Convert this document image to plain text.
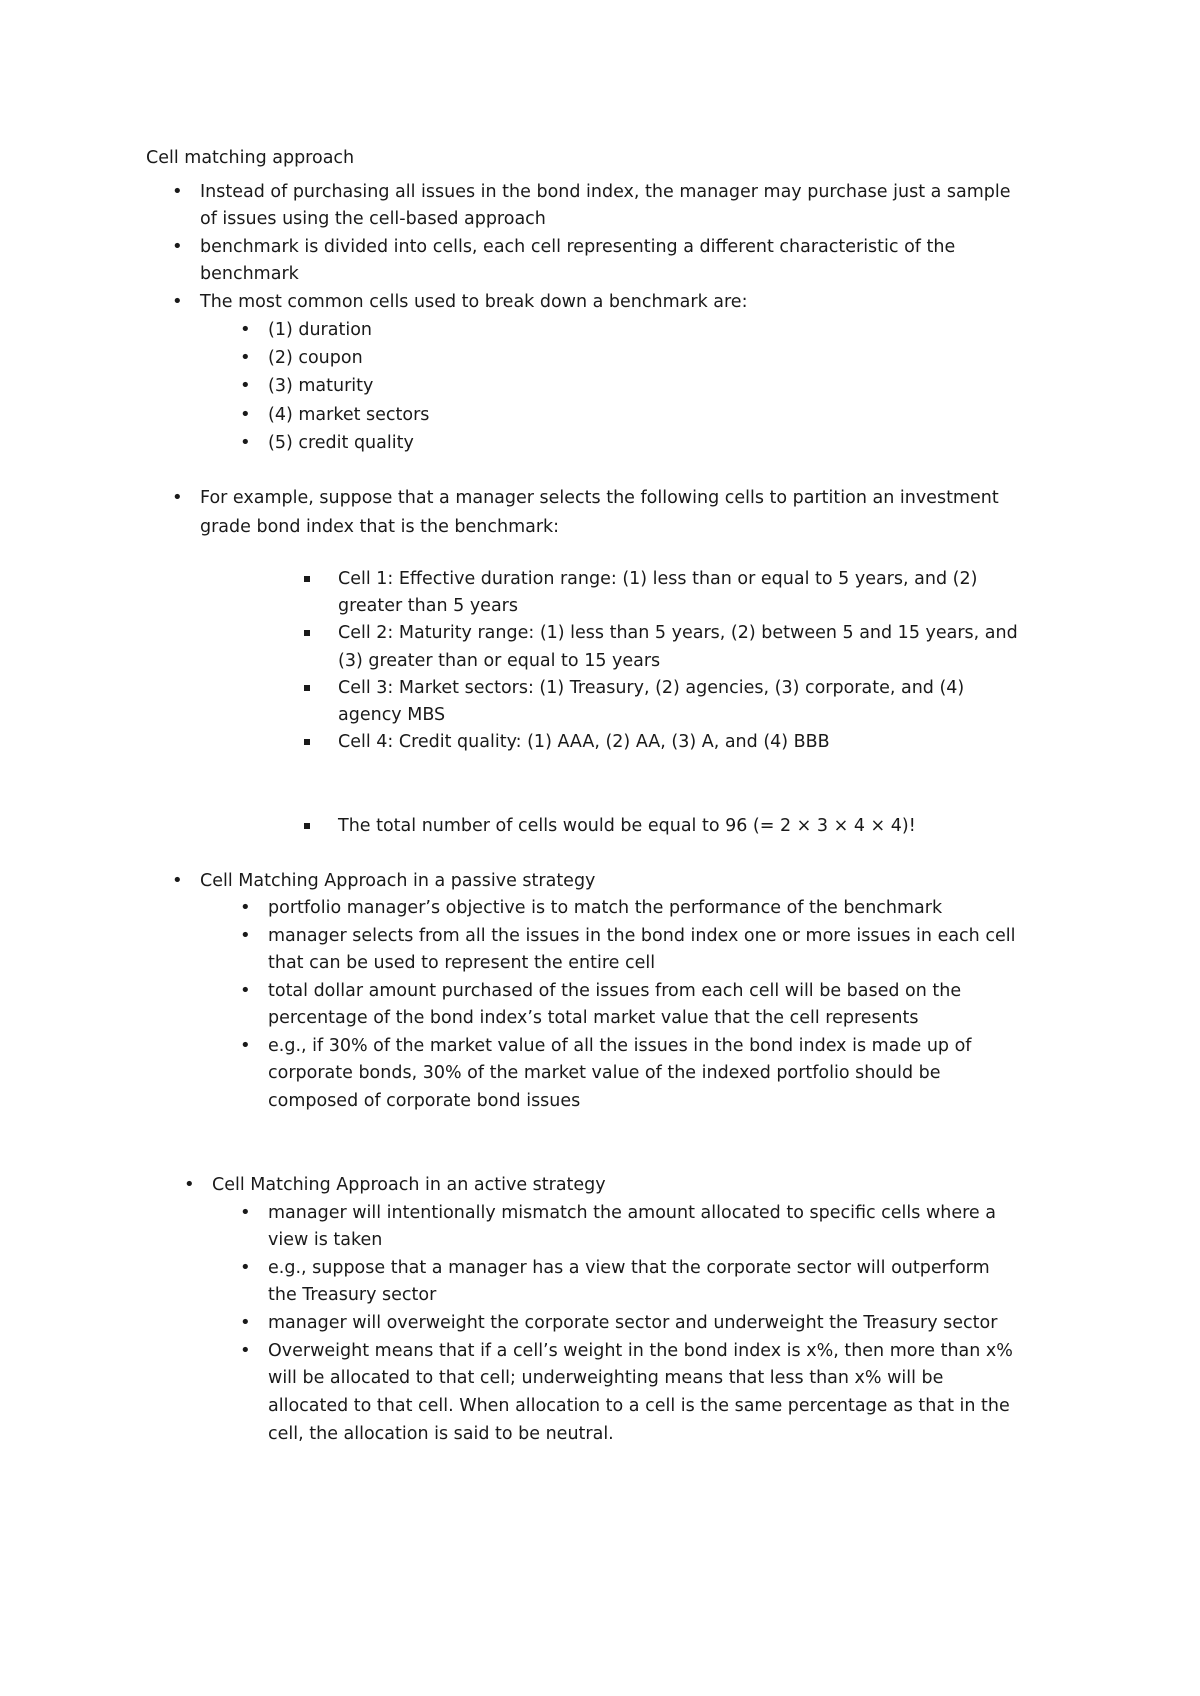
Cell matching approach
• Instead of purchasing all issues in the bond index, the manager may purchase just a sample
of issues using the cell-based approach
• benchmark is divided into cells, each cell representing a different characteristic of the
benchmark
• The most common cells used to break down a benchmark are:
• (1) duration
• (2) coupon
• (3) maturity
• (4) market sectors
• (5) credit quality
• For example, suppose that a manager selects the following cells to partition an investment
grade bond index that is the benchmark:
Cell 1: Effective duration range: (1) less than or equal to 5 years, and (2)
greater than 5 years
Cell 2: Maturity range: (1) less than 5 years, (2) between 5 and 15 years, and
(3) greater than or equal to 15 years
Cell 3: Market sectors: (1) Treasury, (2) agencies, (3) corporate, and (4)
agency MBS
Cell 4: Credit quality: (1) AAA, (2) AA, (3) A, and (4) BBB
The total number of cells would be equal to 96 (= 2 × 3 × 4 × 4)!
• Cell Matching Approach in a passive strategy
• portfolio manager’s objective is to match the performance of the benchmark
• manager selects from all the issues in the bond index one or more issues in each cell
that can be used to represent the entire cell
• total dollar amount purchased of the issues from each cell will be based on the
percentage of the bond index’s total market value that the cell represents
• e.g., if 30% of the market value of all the issues in the bond index is made up of
corporate bonds, 30% of the market value of the indexed portfolio should be
composed of corporate bond issues
• Cell Matching Approach in an active strategy
• manager will intentionally mismatch the amount allocated to specific cells where a
view is taken
• e.g., suppose that a manager has a view that the corporate sector will outperform
the Treasury sector
• manager will overweight the corporate sector and underweight the Treasury sector
• Overweight means that if a cell’s weight in the bond index is x%, then more than x%
will be allocated to that cell; underweighting means that less than x% will be
allocated to that cell. When allocation to a cell is the same percentage as that in the
cell, the allocation is said to be neutral.
